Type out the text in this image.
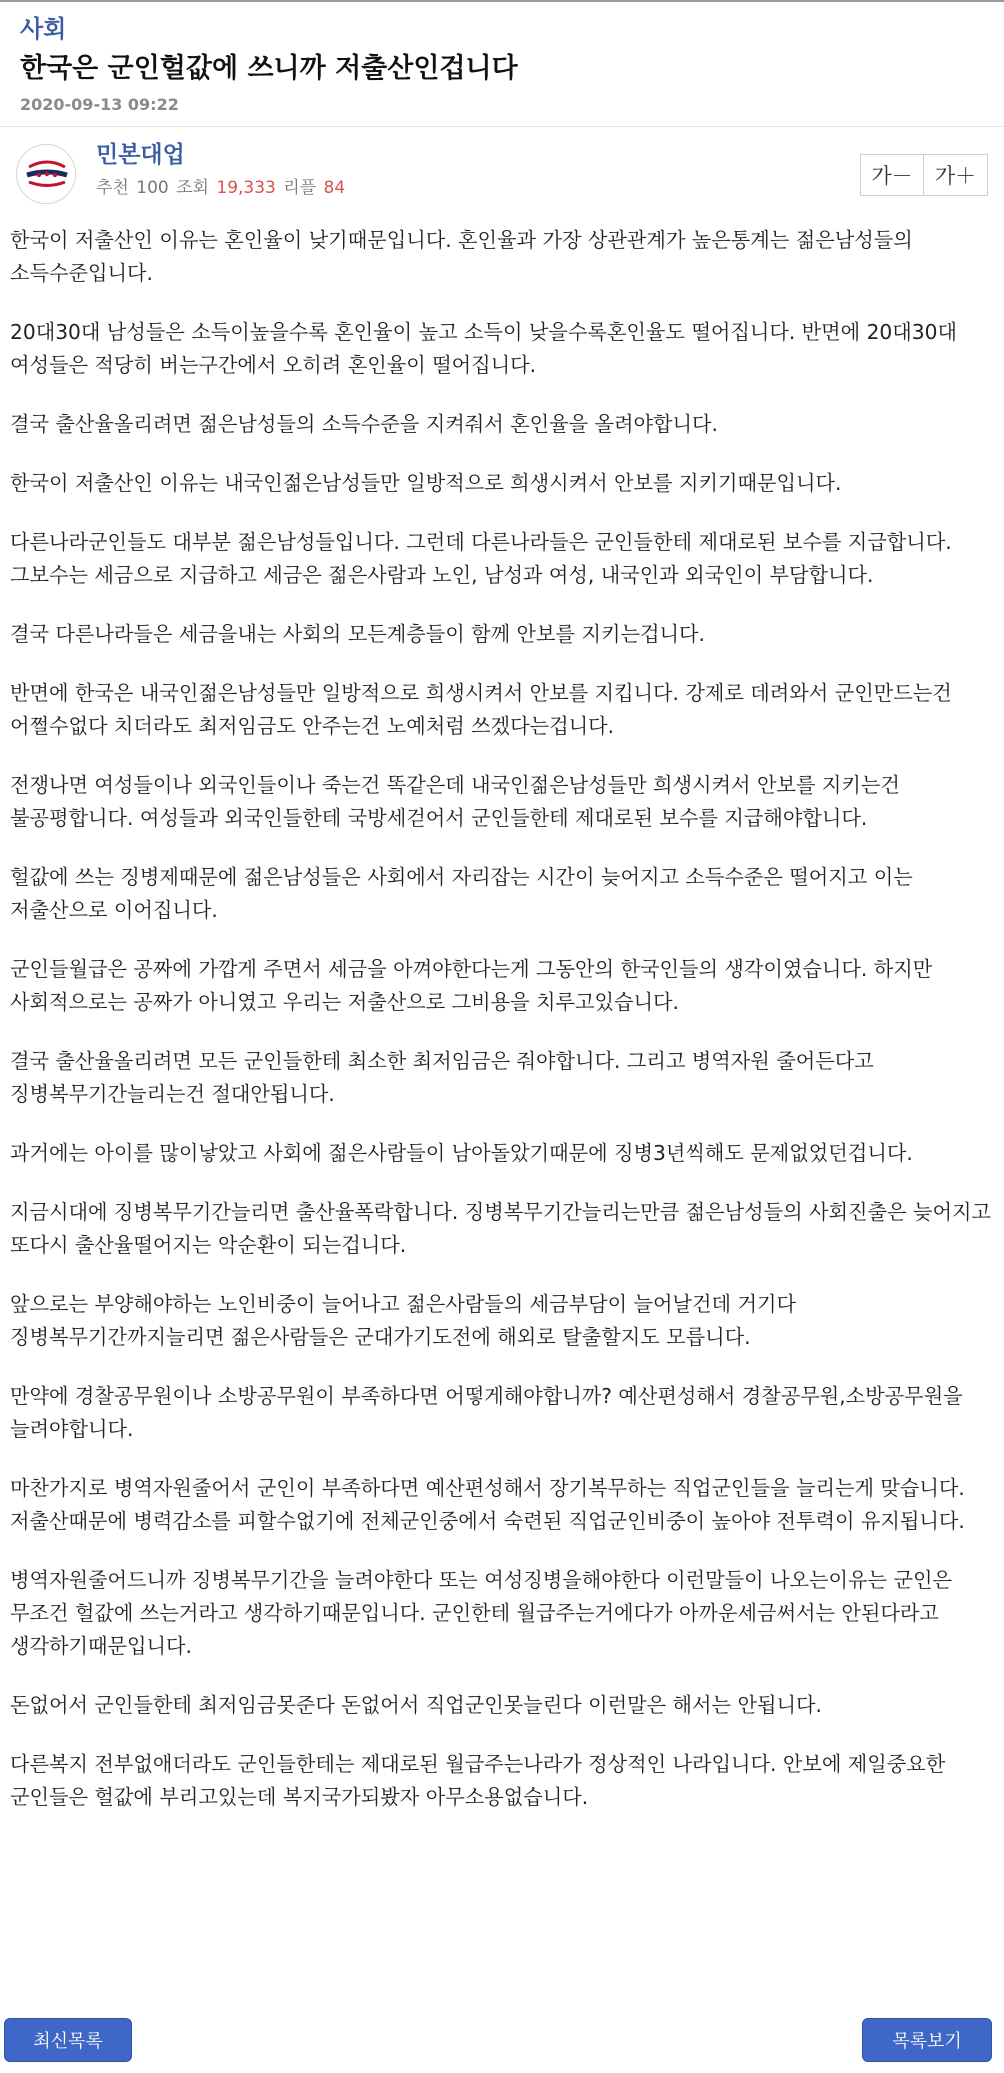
사회
한국은 군인헐값에 쓰니까 저출산인겁니다
2020-09-13 09:22
민본대업
추천 100 조회 19,333 리플 84	가－	가＋

한국이 저출산인 이유는 혼인율이 낮기때문입니다. 혼인율과 가장 상관관계가 높은통계는 젊은남성들의 소득수준입니다.

20대30대 남성들은 소득이높을수록 혼인율이 높고 소득이 낮을수록혼인율도 떨어집니다. 반면에 20대30대 여성들은 적당히 버는구간에서 오히려 혼인율이 떨어집니다.

결국 출산율올리려면 젊은남성들의 소득수준을 지켜줘서 혼인율을 올려야합니다.

한국이 저출산인 이유는 내국인젊은남성들만 일방적으로 희생시켜서 안보를 지키기때문입니다.

다른나라군인들도 대부분 젊은남성들입니다. 그런데 다른나라들은 군인들한테 제대로된 보수를 지급합니다. 그보수는 세금으로 지급하고 세금은 젊은사람과 노인, 남성과 여성, 내국인과 외국인이 부담합니다.

결국 다른나라들은 세금을내는 사회의 모든계층들이 함께 안보를 지키는겁니다.

반면에 한국은 내국인젊은남성들만 일방적으로 희생시켜서 안보를 지킵니다. 강제로 데려와서 군인만드는건 어쩔수없다 치더라도 최저임금도 안주는건 노예처럼 쓰겠다는겁니다.

전쟁나면 여성들이나 외국인들이나 죽는건 똑같은데 내국인젊은남성들만 희생시켜서 안보를 지키는건 불공평합니다. 여성들과 외국인들한테 국방세걷어서 군인들한테 제대로된 보수를 지급해야합니다.

헐값에 쓰는 징병제때문에 젊은남성들은 사회에서 자리잡는 시간이 늦어지고 소득수준은 떨어지고 이는 저출산으로 이어집니다.

군인들월급은 공짜에 가깝게 주면서 세금을 아껴야한다는게 그동안의 한국인들의 생각이였습니다. 하지만 사회적으로는 공짜가 아니였고 우리는 저출산으로 그비용을 치루고있습니다.

결국 출산율올리려면 모든 군인들한테 최소한 최저임금은 줘야합니다. 그리고 병역자원 줄어든다고 징병복무기간늘리는건 절대안됩니다.

과거에는 아이를 많이낳았고 사회에 젊은사람들이 남아돌았기때문에 징병3년씩해도 문제없었던겁니다.

지금시대에 징병복무기간늘리면 출산율폭락합니다. 징병복무기간늘리는만큼 젊은남성들의 사회진출은 늦어지고 또다시 출산율떨어지는 악순환이 되는겁니다.

앞으로는 부양해야하는 노인비중이 늘어나고 젊은사람들의 세금부담이 늘어날건데 거기다 징병복무기간까지늘리면 젊은사람들은 군대가기도전에 해외로 탈출할지도 모릅니다.

만약에 경찰공무원이나 소방공무원이 부족하다면 어떻게해야합니까? 예산편성해서 경찰공무원,소방공무원을 늘려야합니다.

마찬가지로 병역자원줄어서 군인이 부족하다면 예산편성해서 장기복무하는 직업군인들을 늘리는게 맞습니다. 저출산때문에 병력감소를 피할수없기에 전체군인중에서 숙련된 직업군인비중이 높아야 전투력이 유지됩니다.

병역자원줄어드니까 징병복무기간을 늘려야한다 또는 여성징병을해야한다 이런말들이 나오는이유는 군인은 무조건 헐값에 쓰는거라고 생각하기때문입니다. 군인한테 월급주는거에다가 아까운세금써서는 안된다라고 생각하기때문입니다.

돈없어서 군인들한테 최저임금못준다 돈없어서 직업군인못늘린다 이런말은 해서는 안됩니다.

다른복지 전부없애더라도 군인들한테는 제대로된 월급주는나라가 정상적인 나라입니다. 안보에 제일중요한 군인들은 헐값에 부리고있는데 복지국가되봤자 아무소용없습니다.

최신목록	목록보기
